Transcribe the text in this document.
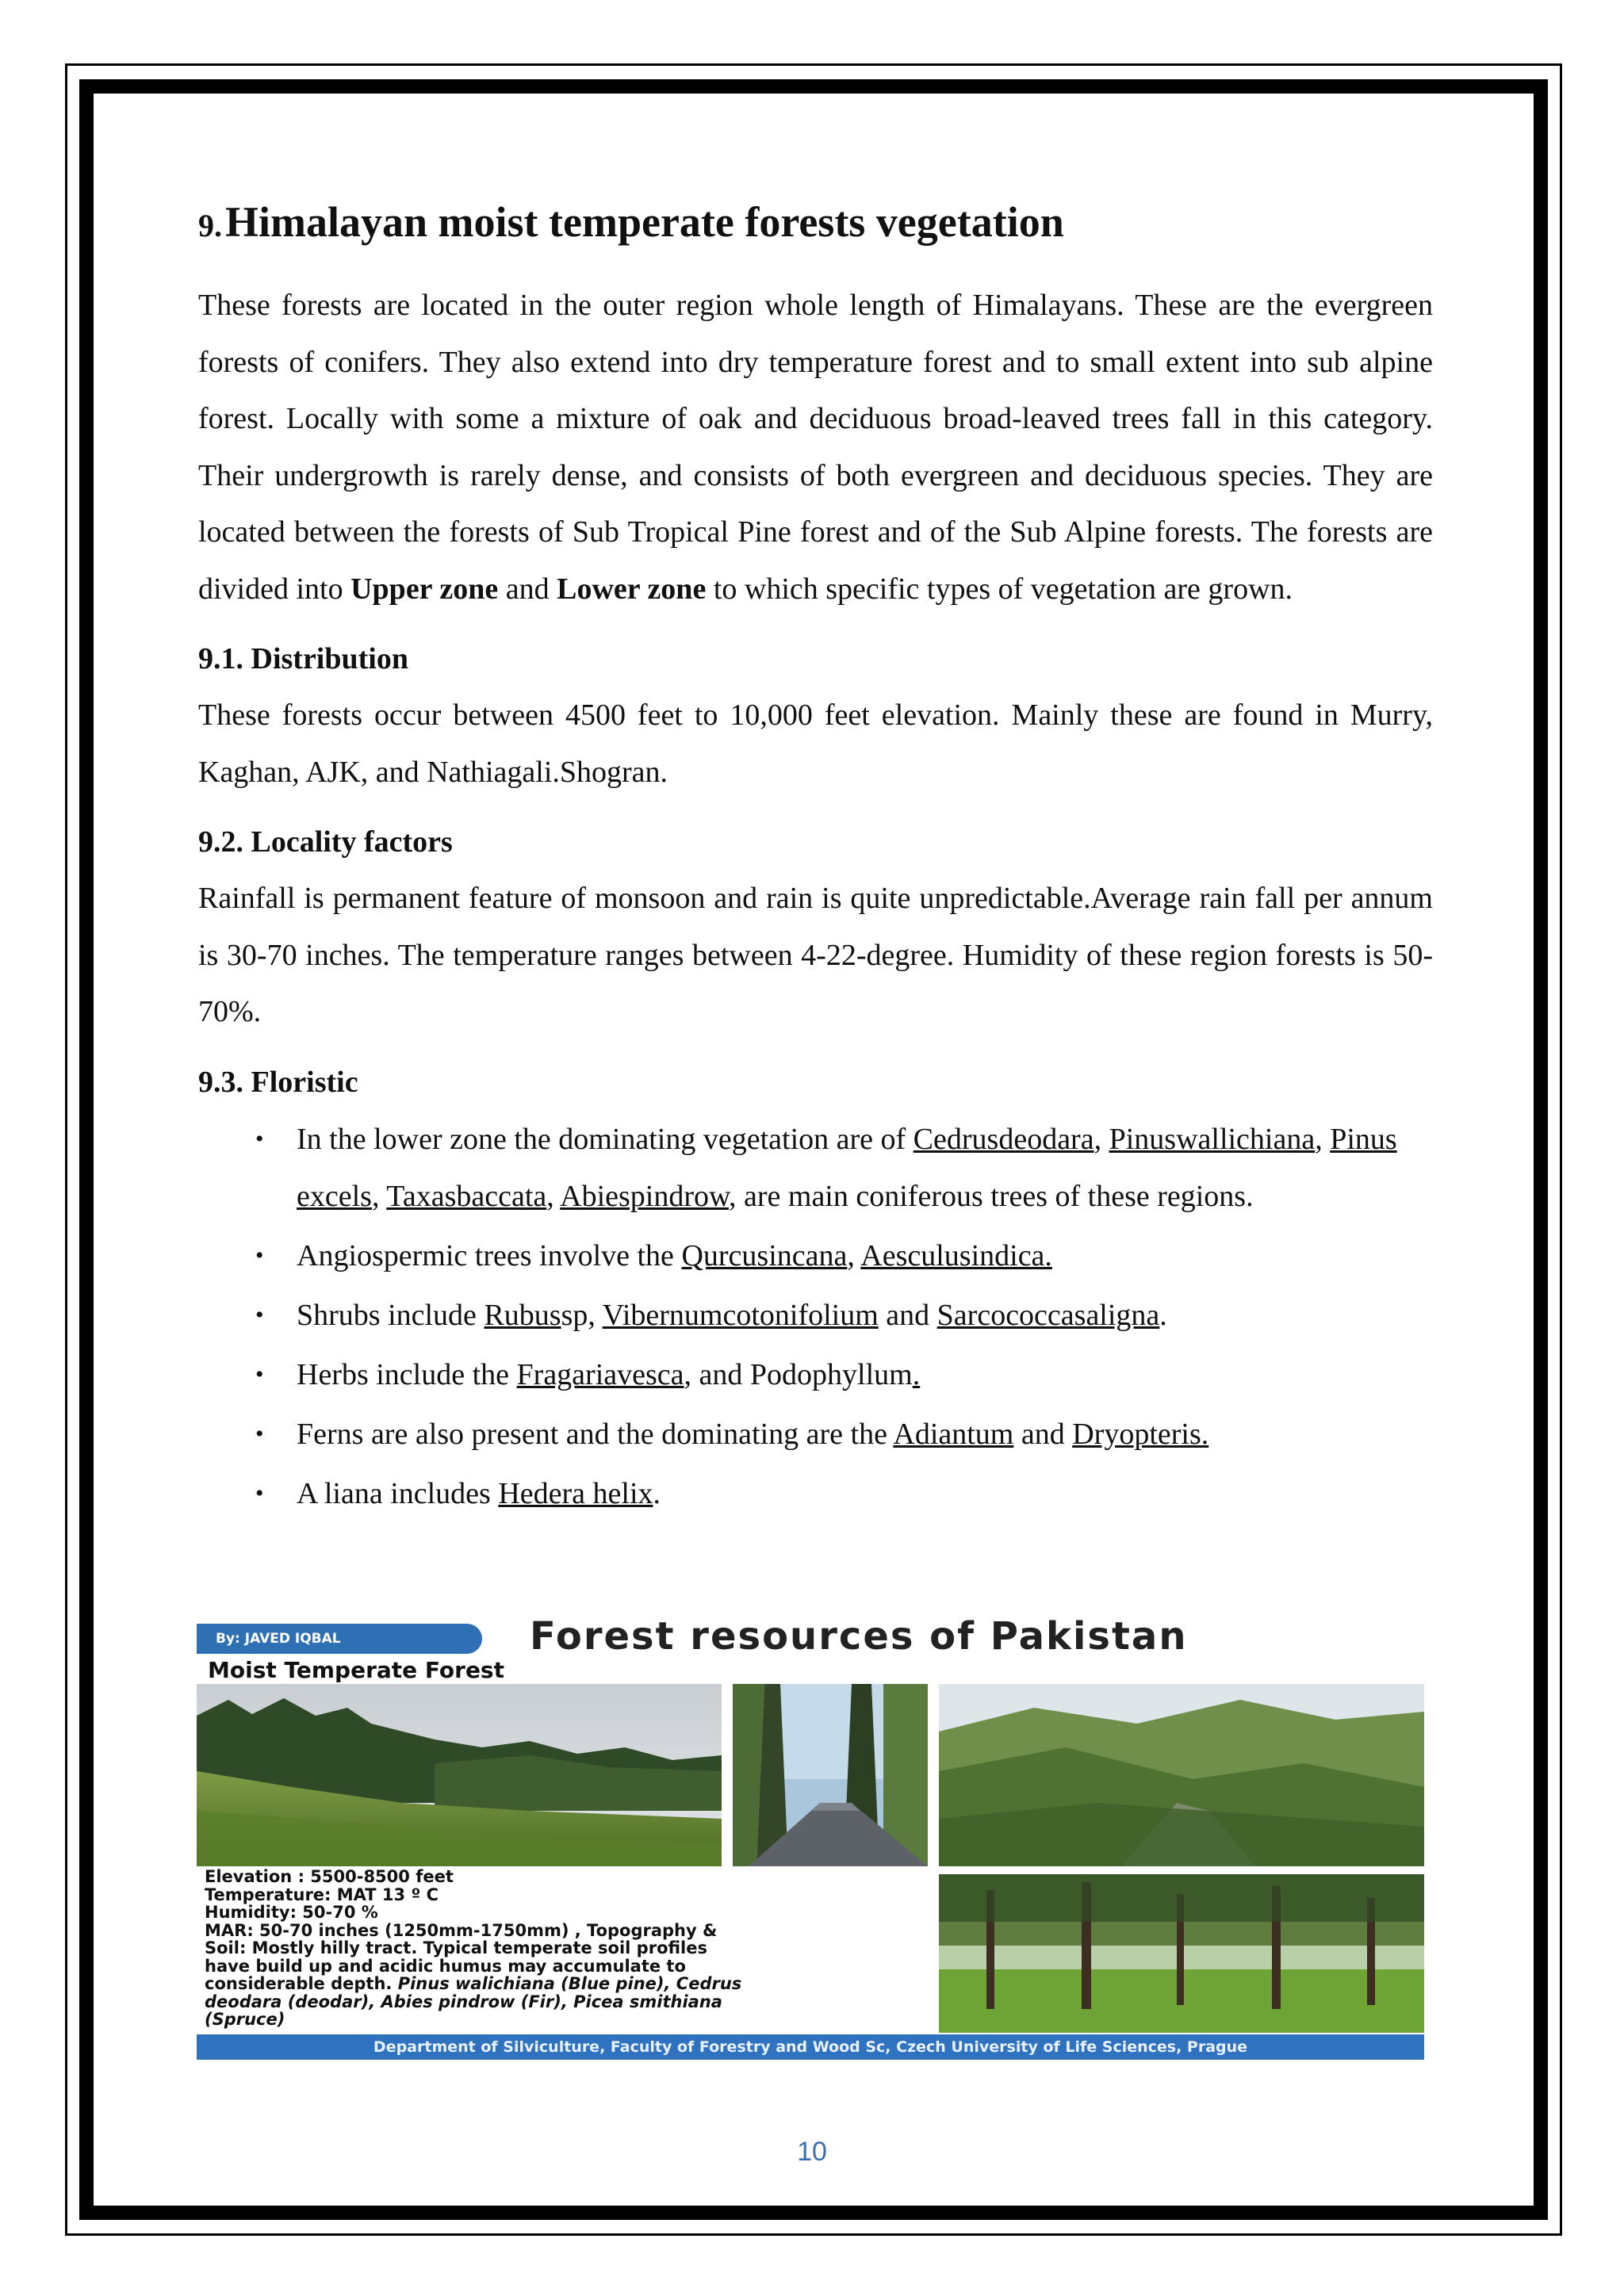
9. Himalayan moist temperate forests vegetation

These forests are located in the outer region whole length of Himalayans. These are the evergreen forests of conifers. They also extend into dry temperature forest and to small extent into sub alpine forest. Locally with some a mixture of oak and deciduous broad-leaved trees fall in this category. Their undergrowth is rarely dense, and consists of both evergreen and deciduous species. They are located between the forests of Sub Tropical Pine forest and of the Sub Alpine forests. The forests are divided into Upper zone and Lower zone to which specific types of vegetation are grown.

9.1. Distribution

These forests occur between 4500 feet to 10,000 feet elevation. Mainly these are found in Murry, Kaghan, AJK, and Nathiagali.Shogran.

9.2. Locality factors

Rainfall is permanent feature of monsoon and rain is quite unpredictable.Average rain fall per annum is 30-70 inches. The temperature ranges between 4-22-degree. Humidity of these region forests is 50-70%.

9.3. Floristic
• In the lower zone the dominating vegetation are of Cedrusdeodara, Pinuswallichiana, Pinus excels, Taxasbaccata, Abiespindrow, are main coniferous trees of these regions.
• Angiospermic trees involve the Qurcusincana, Aesculusindica.
• Shrubs include Rubussp, Vibernumcotonifolium and Sarcococcasaligna.
• Herbs include the Fragariavesca, and Podophyllum.
• Ferns are also present and the dominating are the Adiantum and Dryopteris.
• A liana includes Hedera helix.
By: JAVED IQBAL	Forest resources of Pakistan
Moist Temperate Forest
Elevation : 5500-8500 feet
Temperature: MAT 13 º C
Humidity: 50-70 %
MAR: 50-70 inches (1250mm-1750mm) , Topography &
Soil: Mostly hilly tract. Typical temperate soil profiles
have build up and acidic humus may accumulate to
considerable depth. Pinus walichiana (Blue pine), Cedrus
deodara (deodar), Abies pindrow (Fir), Picea smithiana
(Spruce)
Department of Silviculture, Faculty of Forestry and Wood Sc, Czech University of Life Sciences, Prague
10
